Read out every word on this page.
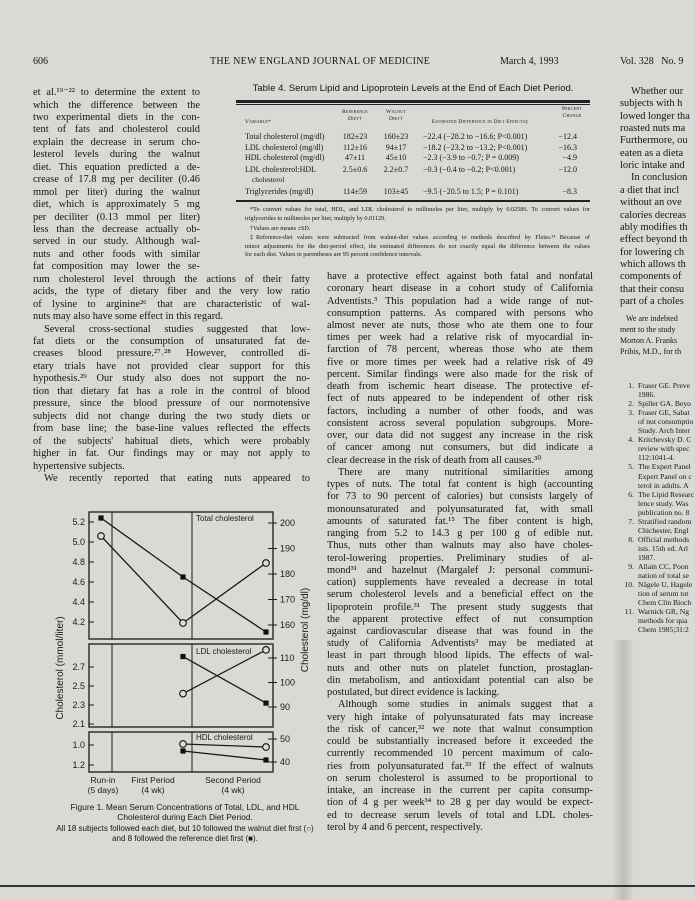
606	THE NEW ENGLAND JOURNAL OF MEDICINE	March 4, 1993	Vol. 328   No. 9
et al.¹⁹⁻²² to determine the extent to
which the difference between the
two experimental diets in the con-
tent of fats and cholesterol could
explain the decrease in serum cho-
lesterol levels during the walnut
diet. This equation predicted a de-
crease of 17.8 mg per deciliter (0.46
mmol per liter) during the walnut
diet, which is approximately 5 mg
per deciliter (0.13 mmol per liter)
less than the decrease actually ob-
served in our study. Although wal-
nuts and other foods with similar
fat composition may lower the se-
rum cholesterol level through the actions of their fatty
acids, the type of dietary fiber and the very low ratio
of lysine to arginine²⁶ that are characteristic of wal-
nuts may also have some effect in this regard.
Several cross-sectional studies suggested that low-
fat diets or the consumption of unsaturated fat de-
creases blood pressure.²⁷˒²⁸ However, controlled di-
etary trials have not provided clear support for this
hypothesis.²⁹ Our study also does not support the no-
tion that dietary fat has a role in the control of blood
pressure, since the blood pressure of our normotensive
subjects did not change during the two study diets or
from base line; the base-line values reflected the effects
of the subjects' habitual diets, which were probably
higher in fat. Our findings may or may not apply to
hypertensive subjects.
We recently reported that eating nuts appeared to
have a protective effect against both fatal and nonfatal
coronary heart disease in a cohort study of California
Adventists.³ This population had a wide range of nut-
consumption patterns. As compared with persons who
almost never ate nuts, those who ate them one to four
times per week had a relative risk of myocardial in-
farction of 78 percent, whereas those who ate them
five or more times per week had a relative risk of 49
percent. Similar findings were also made for the risk of
death from ischemic heart disease. The protective ef-
fect of nuts appeared to be independent of other risk
factors, including a number of other foods, and was
consistent across several population subgroups. More-
over, our data did not suggest any increase in the risk
of cancer among nut consumers, but did indicate a
clear decrease in the risk of death from all causes.³⁰
There are many nutritional similarities among
types of nuts. The total fat content is high (accounting
for 73 to 90 percent of calories) but consists largely of
monounsaturated and polyunsaturated fat, with small
amounts of saturated fat.¹⁵ The fiber content is high,
ranging from 5.2 to 14.3 g per 100 g of edible nut.
Thus, nuts other than walnuts may also have choles-
terol-lowering properties. Preliminary studies of al-
mond³¹ and hazelnut (Margalef J: personal communi-
cation) supplements have revealed a decrease in total
serum cholesterol levels and a beneficial effect on the
lipoprotein profile.³¹ The present study suggests that
the apparent protective effect of nut consumption
against cardiovascular disease that was found in the
study of California Adventists³ may be mediated at
least in part through blood lipids. The effects of wal-
nuts and other nuts on platelet function, prostaglan-
din metabolism, and antioxidant potential can also be
postulated, but direct evidence is lacking.
Although some studies in animals suggest that a
very high intake of polyunsaturated fats may increase
the risk of cancer,³² we note that walnut consumption
could be substantially increased before it exceeded the
currently recommended 10 percent maximum of calo-
ries from polyunsaturated fat.³³ If the effect of walnuts
on serum cholesterol is assumed to be proportional to
intake, an increase in the current per capita consump-
tion of 4 g per week³⁴ to 28 g per day would be expect-
ed to decrease serum levels of total and LDL choles-
terol by 4 and 6 percent, respectively.
Whether our
subjects with h
lowed longer tha
roasted nuts ma
Furthermore, ou
eaten as a dieta
loric intake and
In conclusion
a diet that incl
without an ove
calories decreas
ably modifies th
effect beyond th
for lowering ch
which allows th
components of
that their consu
part of a choles
We are indebted
ment to the study
Morton A. Franks
Pribis, M.D., for th
1. Fraser GE. Preve
1986.
2. Spiller GA. Beyo
3. Fraser GE, Sabat
of nut consumptio
Study. Arch Inter
4. Kritchevsky D. C
review with spec
112:1041-4.
5. The Expert Panel
Expert Panel on c
terol in adults. A
6. The Lipid Researc
lence study. Was
publication no. 8
7. Stratified random
Chichester, Engl
8. Official methods
ists. 15th ed. Arl
1987.
9. Allain CC, Poon
nation of total se
10. Nägele U, Hagele
tion of serum tot
Chem Clin Bioch
11. Warnick GR, Ng
methods for qua
Chem 1985;31:2
Table 4. Serum Lipid and Lipoprotein Levels at the End of Each Diet Period.
Variable*
Reference
Diet†
Walnut
Diet†
Estimated Difference in Diet Effects‡
Percent
Change
Total cholesterol (mg/dl)	182±23	160±23	−22.4 (−28.2 to −16.6; P<0.001)	−12.4
LDL cholesterol (mg/dl)	112±16	94±17	−18.2 (−23.2 to −13.2; P<0.001)	−16.3
HDL cholesterol (mg/dl)	47±11	45±10	−2.3 (−3.9 to −0.7; P = 0.009)	−4.9
LDL cholesterol:HDL
cholesterol
2.5±0.6	2.2±0.7	−0.3 (−0.4 to −0.2; P<0.001)	−12.0
Triglycerides (mg/dl)	114±59	103±45	−9.5 (−20.5 to 1.5; P = 0.101)	−8.3
*To convert values for total, HDL, and LDL cholesterol to millimoles per liter, multiply by 0.02586. To convert values for
triglycerides to millimoles per liter, multiply by 0.01129.
†Values are means ±SD.
‡Reference-diet values were subtracted from walnut-diet values according to methods described by Fleiss.¹⁴ Because of
minor adjustments for the diet-period effect, the estimated differences do not exactly equal the difference between the values
for each diet. Values in parentheses are 95 percent confidence intervals.
Total cholesterol
5.2
5.0
4.8
4.6
4.4
4.2
200
190
180
170
160
LDL cholesterol
2.7
2.5
2.3
2.1
110
100
90
HDL cholesterol
1.0
1.2
50
40
Run-in
(5 days)
First Period
(4 wk)
Second Period
(4 wk)
Cholesterol (mmol/liter)	Cholesterol (mg/dl)
Figure 1. Mean Serum Concentrations of Total, LDL, and HDL Cholesterol during Each Diet Period.
All 18 subjects followed each diet, but 10 followed the walnut diet first (○) and 8 followed the reference diet first (■).
